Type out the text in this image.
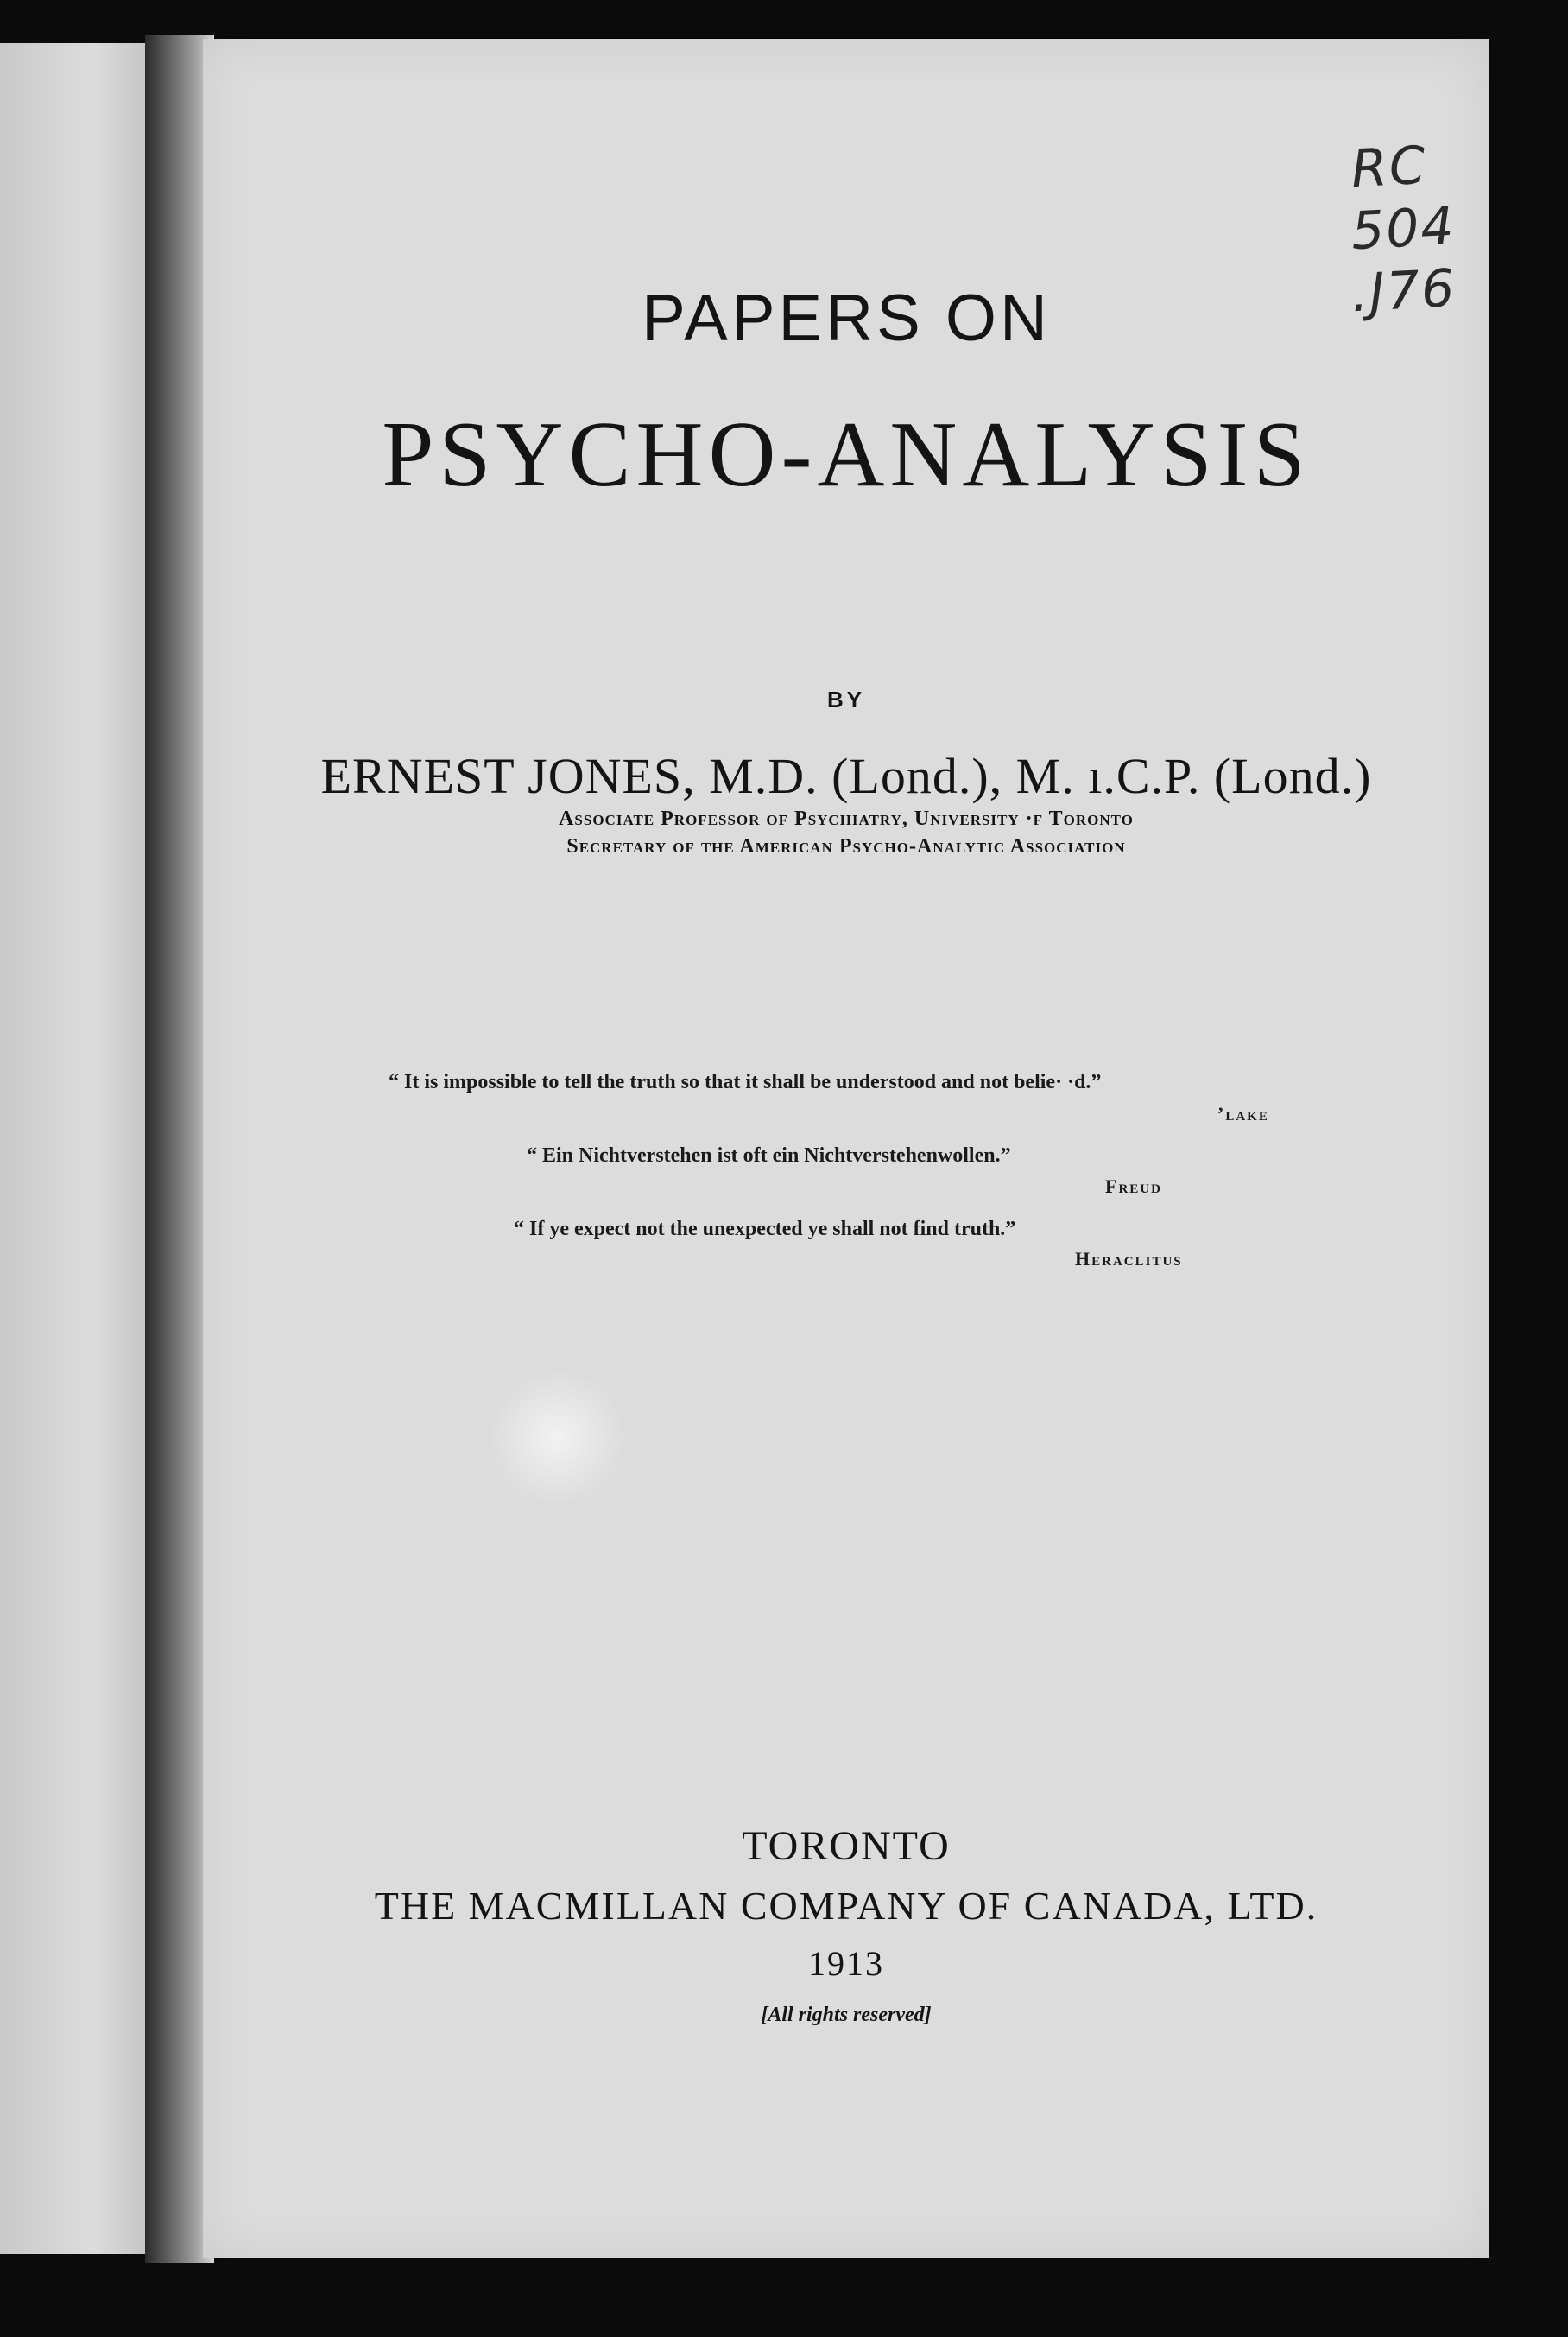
RC
504
.J76
PAPERS ON
PSYCHO-ANALYSIS
BY
ERNEST JONES, M.D. (Lond.), M. ı.C.P. (Lond.)
Associate Professor of Psychiatry, University ·f Toronto
Secretary of the American Psycho-Analytic Association
“ It is impossible to tell the truth so that it shall be understood and not belie· ·d.”
’lake
“ Ein Nichtverstehen ist oft ein Nichtverstehenwollen.”
Freud
“ If ye expect not the unexpected ye shall not find truth.”
Heraclitus
TORONTO
THE MACMILLAN COMPANY OF CANADA, LTD.
1913
[All rights reserved]
